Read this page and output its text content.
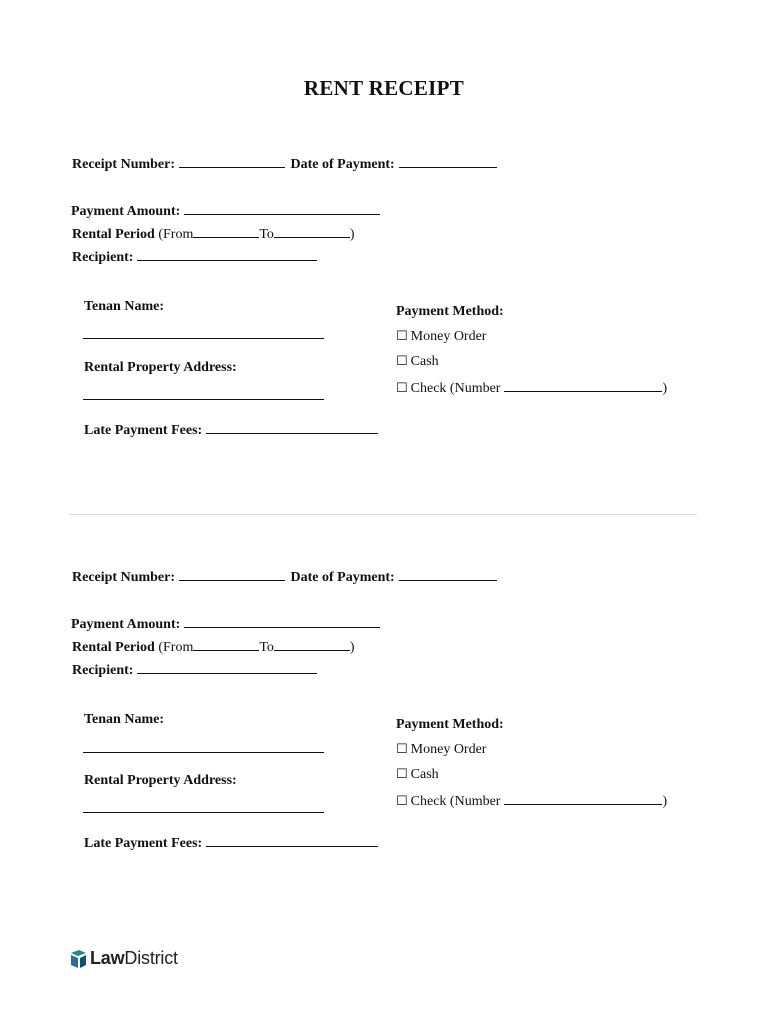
RENT RECEIPT
Receipt Number:	Date of Payment:
Payment Amount:
Rental Period (From	To	)
Recipient:
Tenan Name:
Rental Property Address:
Late Payment Fees:
Payment Method:
☐ Money Order
☐ Cash
☐ Check (Number	)
Receipt Number:	Date of Payment:
Payment Amount:
Rental Period (From	To	)
Recipient:
Tenan Name:
Rental Property Address:
Late Payment Fees:
Payment Method:
☐ Money Order
☐ Cash
☐ Check (Number	)
LawDistrict
